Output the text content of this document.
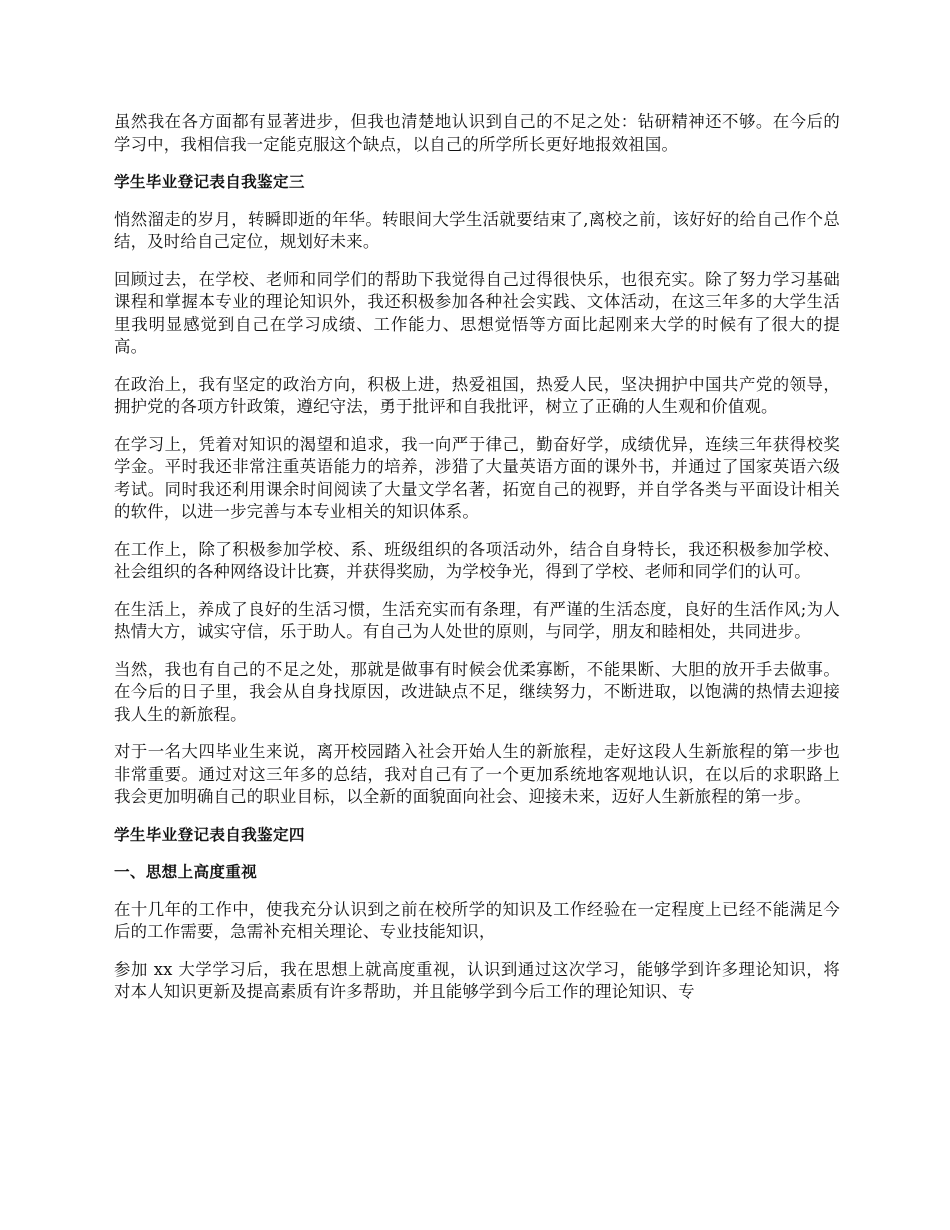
虽然我在各方面都有显著进步，但我也清楚地认识到自己的不足之处：钻研精神还不够。在今后的学习中，我相信我一定能克服这个缺点，以自己的所学所长更好地报效祖国。

学生毕业登记表自我鉴定三

悄然溜走的岁月，转瞬即逝的年华。转眼间大学生活就要结束了,离校之前，该好好的给自己作个总结，及时给自己定位，规划好未来。

回顾过去，在学校、老师和同学们的帮助下我觉得自己过得很快乐，也很充实。除了努力学习基础课程和掌握本专业的理论知识外，我还积极参加各种社会实践、文体活动，在这三年多的大学生活里我明显感觉到自己在学习成绩、工作能力、思想觉悟等方面比起刚来大学的时候有了很大的提高。

在政治上，我有坚定的政治方向，积极上进，热爱祖国，热爱人民，坚决拥护中国共产党的领导，拥护党的各项方针政策，遵纪守法，勇于批评和自我批评，树立了正确的人生观和价值观。

在学习上，凭着对知识的渴望和追求，我一向严于律己，勤奋好学，成绩优异，连续三年获得校奖学金。平时我还非常注重英语能力的培养，涉猎了大量英语方面的课外书，并通过了国家英语六级考试。同时我还利用课余时间阅读了大量文学名著，拓宽自己的视野，并自学各类与平面设计相关的软件，以进一步完善与本专业相关的知识体系。

在工作上，除了积极参加学校、系、班级组织的各项活动外，结合自身特长，我还积极参加学校、社会组织的各种网络设计比赛，并获得奖励，为学校争光，得到了学校、老师和同学们的认可。

在生活上，养成了良好的生活习惯，生活充实而有条理，有严谨的生活态度，良好的生活作风;为人热情大方，诚实守信，乐于助人。有自己为人处世的原则，与同学，朋友和睦相处，共同进步。

当然，我也有自己的不足之处，那就是做事有时候会优柔寡断，不能果断、大胆的放开手去做事。在今后的日子里，我会从自身找原因，改进缺点不足，继续努力，不断进取，以饱满的热情去迎接我人生的新旅程。

对于一名大四毕业生来说，离开校园踏入社会开始人生的新旅程，走好这段人生新旅程的第一步也非常重要。通过对这三年多的总结，我对自己有了一个更加系统地客观地认识，在以后的求职路上我会更加明确自己的职业目标，以全新的面貌面向社会、迎接未来，迈好人生新旅程的第一步。

学生毕业登记表自我鉴定四
一、思想上高度重视

在十几年的工作中，使我充分认识到之前在校所学的知识及工作经验在一定程度上已经不能满足今后的工作需要，急需补充相关理论、专业技能知识，

参加 xx 大学学习后，我在思想上就高度重视，认识到通过这次学习，能够学到许多理论知识，将对本人知识更新及提高素质有许多帮助，并且能够学到今后工作的理论知识、专
